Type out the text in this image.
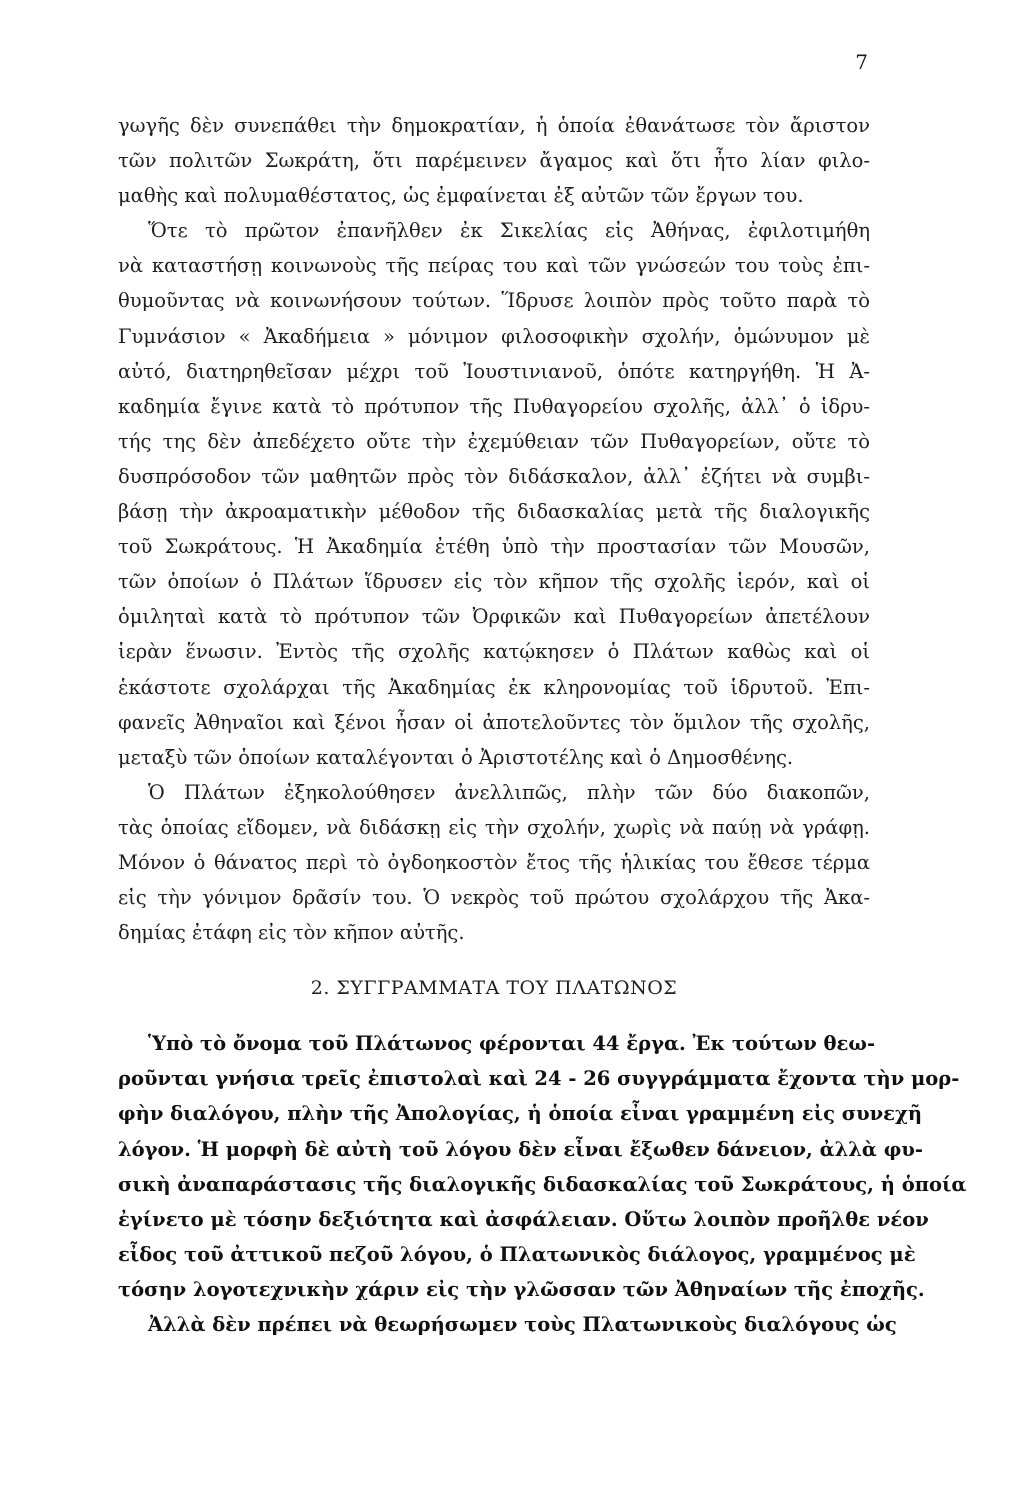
7
γωγῆς δὲν συνεπάθει τὴν δημοκρατίαν, ἡ ὁποία ἐθανάτωσε τὸν ἄριστον
τῶν πολιτῶν Σωκράτη, ὅτι παρέμεινεν ἄγαμος καὶ ὅτι ἦτο λίαν φιλο-
μαθὴς καὶ πολυμαθέστατος, ὡς ἐμφαίνεται ἐξ αὐτῶν τῶν ἔργων του.
Ὅτε τὸ πρῶτον ἐπανῆλθεν ἐκ Σικελίας εἰς Ἀθήνας, ἐφιλοτιμήθη
νὰ καταστήσῃ κοινωνοὺς τῆς πείρας του καὶ τῶν γνώσεών του τοὺς ἐπι-
θυμοῦντας νὰ κοινωνήσουν τούτων. Ἵδρυσε λοιπὸν πρὸς τοῦτο παρὰ τὸ
Γυμνάσιον « Ἀκαδήμεια » μόνιμον φιλοσοφικὴν σχολήν, ὁμώνυμον μὲ
αὐτό, διατηρηθεῖσαν μέχρι τοῦ Ἰουστινιανοῦ, ὁπότε κατηργήθη. Ἡ Ἀ-
καδημία ἔγινε κατὰ τὸ πρότυπον τῆς Πυθαγορείου σχολῆς, ἀλλ᾽ ὁ ἱδρυ-
τής της δὲν ἀπεδέχετο οὔτε τὴν ἐχεμύθειαν τῶν Πυθαγορείων, οὔτε τὸ
δυσπρόσοδον τῶν μαθητῶν πρὸς τὸν διδάσκαλον, ἀλλ᾽ ἐζήτει νὰ συμβι-
βάσῃ τὴν ἀκροαματικὴν μέθοδον τῆς διδασκαλίας μετὰ τῆς διαλογικῆς
τοῦ Σωκράτους. Ἡ Ἀκαδημία ἐτέθη ὑπὸ τὴν προστασίαν τῶν Μουσῶν,
τῶν ὁποίων ὁ Πλάτων ἵδρυσεν εἰς τὸν κῆπον τῆς σχολῆς ἱερόν, καὶ οἱ
ὁμιληταὶ κατὰ τὸ πρότυπον τῶν Ὀρφικῶν καὶ Πυθαγορείων ἀπετέλουν
ἱερὰν ἕνωσιν. Ἐντὸς τῆς σχολῆς κατῴκησεν ὁ Πλάτων καθὼς καὶ οἱ
ἑκάστοτε σχολάρχαι τῆς Ἀκαδημίας ἐκ κληρονομίας τοῦ ἱδρυτοῦ. Ἐπι-
φανεῖς Ἀθηναῖοι καὶ ξένοι ἦσαν οἱ ἀποτελοῦντες τὸν ὅμιλον τῆς σχολῆς,
μεταξὺ τῶν ὁποίων καταλέγονται ὁ Ἀριστοτέλης καὶ ὁ Δημοσθένης.
Ὁ Πλάτων ἐξηκολούθησεν ἀνελλιπῶς, πλὴν τῶν δύο διακοπῶν,
τὰς ὁποίας εἴδομεν, νὰ διδάσκῃ εἰς τὴν σχολήν, χωρὶς νὰ παύῃ νὰ γράφῃ.
Μόνον ὁ θάνατος περὶ τὸ ὀγδοηκοστὸν ἔτος τῆς ἡλικίας του ἔθεσε τέρμα
εἰς τὴν γόνιμον δρᾶσίν του. Ὁ νεκρὸς τοῦ πρώτου σχολάρχου τῆς Ἀκα-
δημίας ἐτάφη εἰς τὸν κῆπον αὐτῆς.
2. ΣΥΓΓΡΑΜΜΑΤΑ ΤΟΥ ΠΛΑΤΩΝΟΣ
Ὑπὸ τὸ ὄνομα τοῦ Πλάτωνος φέρονται 44 ἔργα. Ἐκ τούτων θεω-
ροῦνται γνήσια τρεῖς ἐπιστολαὶ καὶ 24 - 26 συγγράμματα ἔχοντα τὴν μορ-
φὴν διαλόγου, πλὴν τῆς Ἀπολογίας, ἡ ὁποία εἶναι γραμμένη εἰς συνεχῆ
λόγον. Ἡ μορφὴ δὲ αὐτὴ τοῦ λόγου δὲν εἶναι ἔξωθεν δάνειον, ἀλλὰ φυ-
σικὴ ἀναπαράστασις τῆς διαλογικῆς διδασκαλίας τοῦ Σωκράτους, ἡ ὁποία
ἐγίνετο μὲ τόσην δεξιότητα καὶ ἀσφάλειαν. Οὕτω λοιπὸν προῆλθε νέον
εἶδος τοῦ ἀττικοῦ πεζοῦ λόγου, ὁ Πλατωνικὸς διάλογος, γραμμένος μὲ
τόσην λογοτεχνικὴν χάριν εἰς τὴν γλῶσσαν τῶν Ἀθηναίων τῆς ἐποχῆς.
Ἀλλὰ δὲν πρέπει νὰ θεωρήσωμεν τοὺς Πλατωνικοὺς διαλόγους ὡς
